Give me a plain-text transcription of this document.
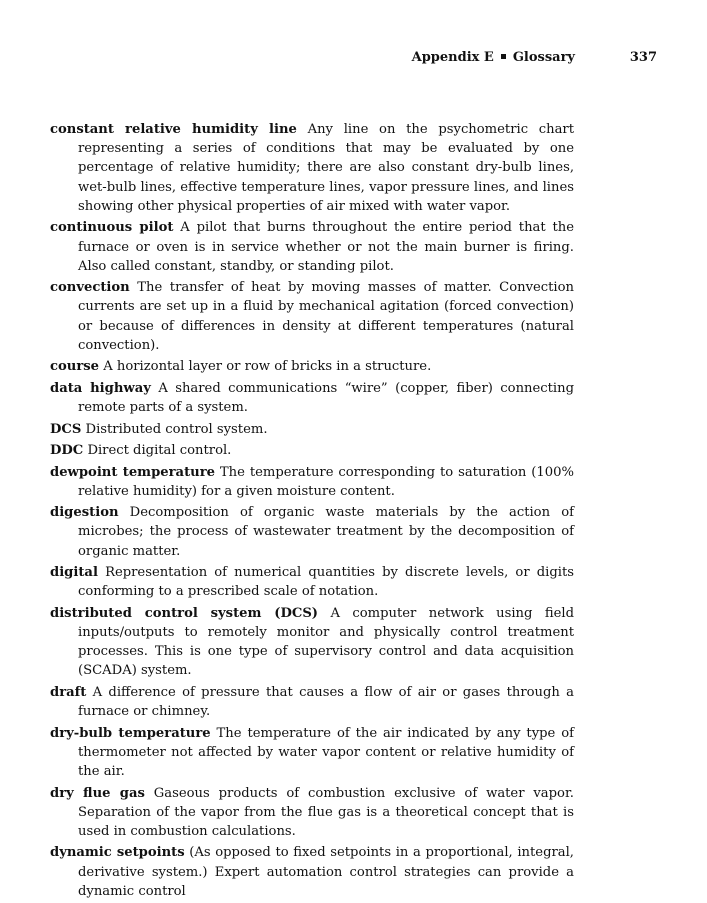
Appendix E Glossary	337

constant relative humidity line Any line on the psychometric chart representing a series of conditions that may be evaluated by one percentage of relative humidity; there are also constant dry-bulb lines, wet-bulb lines, effective temperature lines, vapor pressure lines, and lines showing other physical properties of air mixed with water vapor.

continuous pilot A pilot that burns throughout the entire period that the furnace or oven is in service whether or not the main burner is firing. Also called constant, standby, or standing pilot.

convection The transfer of heat by moving masses of matter. Convection currents are set up in a fluid by mechanical agitation (forced convection) or because of differences in density at different temperatures (natural convection).

course A horizontal layer or row of bricks in a structure.

data highway A shared communications “wire” (copper, fiber) connecting remote parts of a system.

DCS Distributed control system.

DDC Direct digital control.

dewpoint temperature The temperature corresponding to saturation (100% relative humidity) for a given moisture content.

digestion Decomposition of organic waste materials by the action of microbes; the process of wastewater treatment by the decomposition of organic matter.

digital Representation of numerical quantities by discrete levels, or digits conforming to a prescribed scale of notation.

distributed control system (DCS) A computer network using field inputs/outputs to remotely monitor and physically control treatment processes. This is one type of supervisory control and data acquisition (SCADA) system.

draft A difference of pressure that causes a flow of air or gases through a furnace or chimney.

dry-bulb temperature The temperature of the air indicated by any type of thermometer not affected by water vapor content or relative humidity of the air.

dry flue gas Gaseous products of combustion exclusive of water vapor. Separation of the vapor from the flue gas is a theoretical concept that is used in combustion calculations.

dynamic setpoints (As opposed to fixed setpoints in a proportional, integral, derivative system.) Expert automation control strategies can provide a dynamic control
